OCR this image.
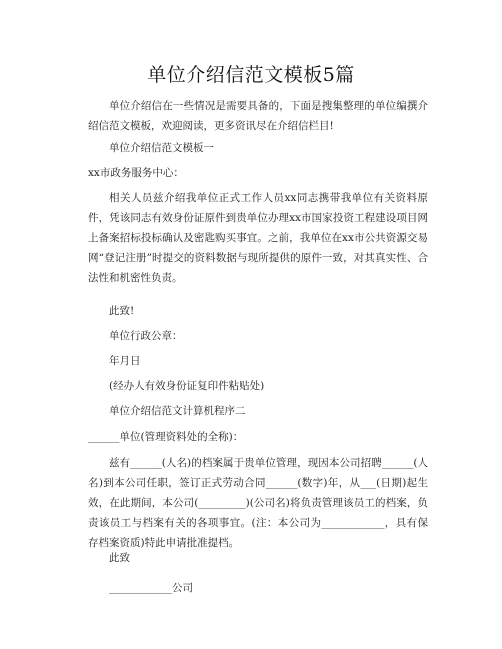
单位介绍信范文模板5篇
单位介绍信在一些情况是需要具备的，下面是搜集整理的单位编撰介绍信范文模板，欢迎阅读，更多资讯尽在介绍信栏目!
单位介绍信范文模板一
xx市政务服务中心：
相关人员兹介绍我单位正式工作人员xx同志携带我单位有关资料原件，凭该同志有效身份证原件到贵单位办理xx市国家投资工程建设项目网上备案招标投标确认及密匙购买事宜。之前，我单位在xx市公共资源交易网“登记注册”时提交的资料数据与现所提供的原件一致，对其真实性、合法性和机密性负责。
此致!
单位行政公章：
年月日
(经办人有效身份证复印件粘贴处)
单位介绍信范文计算机程序二
______单位(管理资料处的全称)：
兹有______(人名)的档案属于贵单位管理，现因本公司招聘______(人名)到本公司任职，签订正式劳动合同______(数字)年，从___(日期)起生效，在此期间，本公司(_________)(公司名)将负责管理该员工的档案，负责该员工与档案有关的各项事宜。(注：本公司为____________，具有保存档案资质)特此申请批准提档。
此致
____________公司
